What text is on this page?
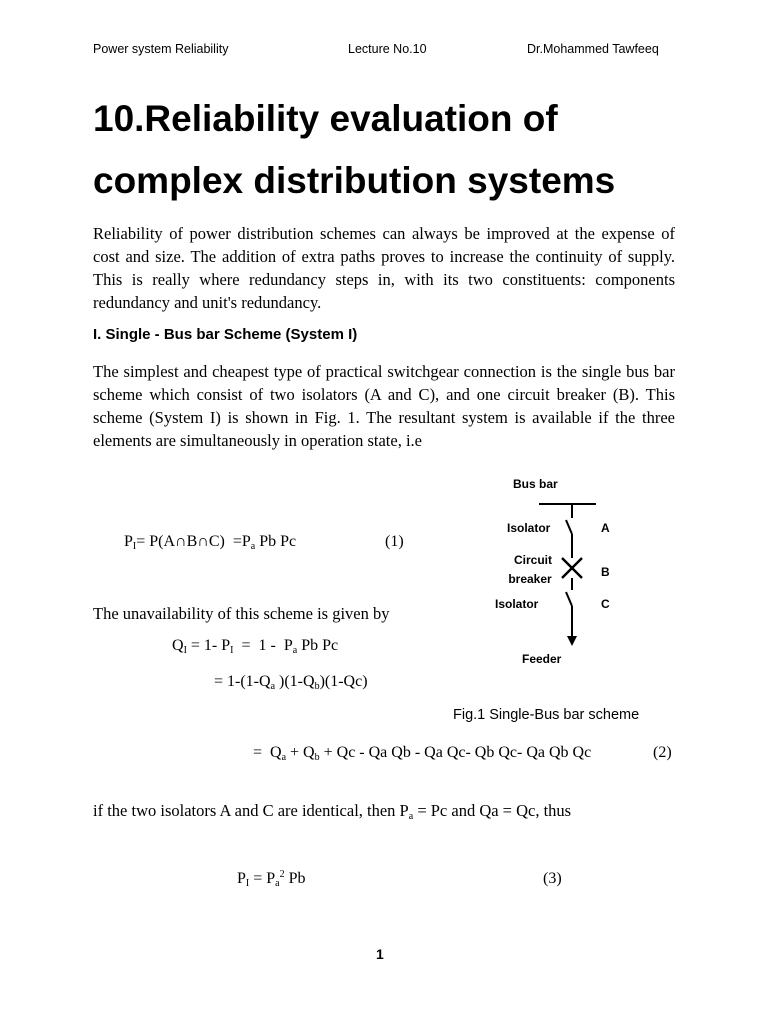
Power system Reliability	Lecture No.10	Dr.Mohammed Tawfeeq
10.Reliability evaluation of complex distribution systems
Reliability of power distribution schemes can always be improved at the expense of cost and size. The addition of extra paths proves to increase the continuity of supply. This is really where redundancy steps in, with its two constituents: components redundancy and unit's redundancy.
I. Single - Bus bar Scheme (System I)
The simplest and cheapest type of practical switchgear connection is the single bus bar scheme which consist of two isolators (A and C), and one circuit breaker (B). This scheme (System I) is shown in Fig. 1. The resultant system is available if the three elements are simultaneously in operation state, i.e
$P_I=$ P(A∩B∩C)  $=P_a$ Pb Pc	(1)
The unavailability of this scheme is given by
$Q_I = 1-$ $P_I = 1 - P_a$ Pb Pc
= $1-(1-Q_a$ )$(1-Q_b)(1-Qc)$
Fig.1 Single-Bus bar scheme
=  $Q_a + Q_b + Qc - Qa$ Qb - Qa Qc- Qb Qc- Qa Qb Qc	(2)
if the two isolators A and C are identical, then $P_a = Pc$ and Qa = Qc, thus
$P_I = P_a^2$ Pb	(3)
Bus bar
Isolator	A
Circuit
breaker	B
Isolator	C
Feeder
1
